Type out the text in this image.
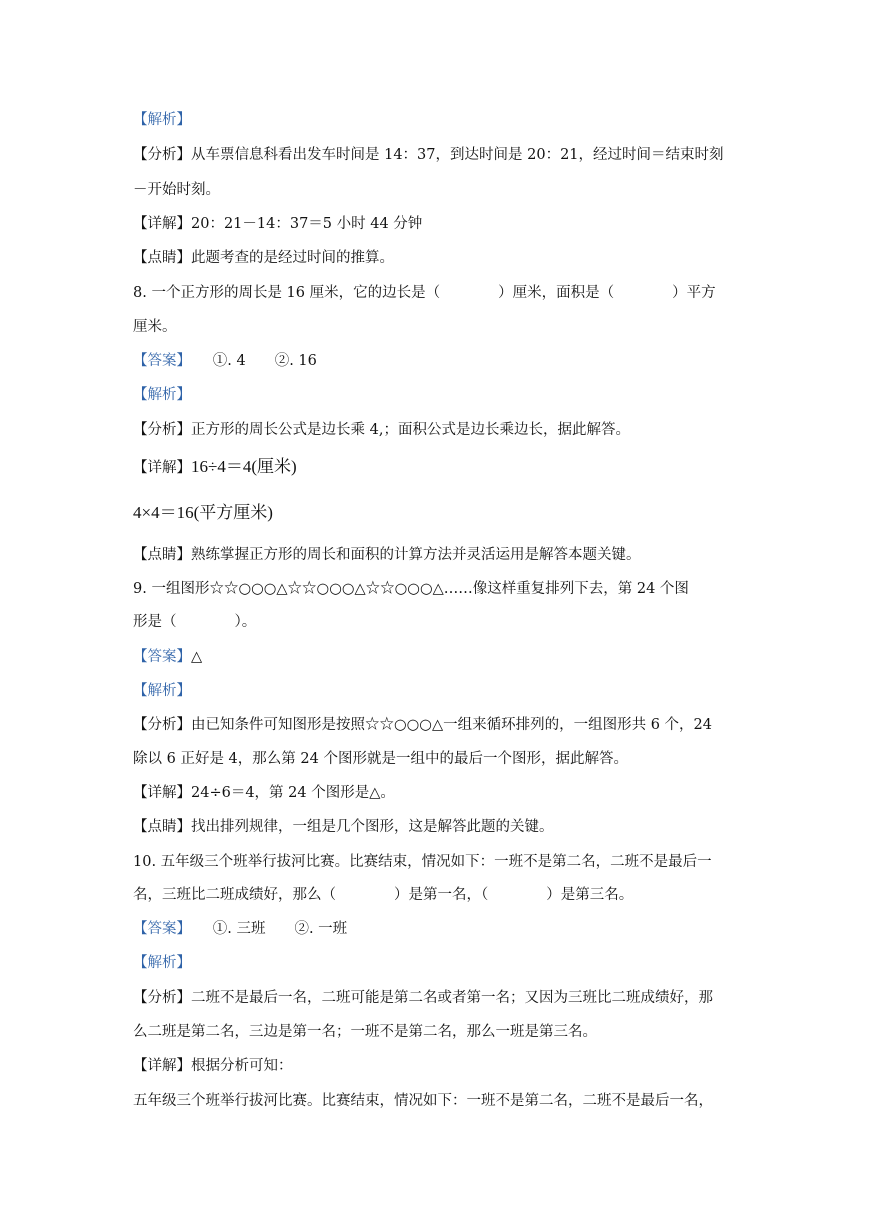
【解析】
【分析】从车票信息科看出发车时间是 14：37，到达时间是 20：21，经过时间＝结束时刻
－开始时刻。
【详解】20：21－14：37＝5 小时 44 分钟
【点睛】此题考查的是经过时间的推算。
8. 一个正方形的周长是 16 厘米，它的边长是（　　　　）厘米，面积是（　　　　）平方
厘米。
【答案】　　①. 4　　②. 16
【解析】
【分析】正方形的周长公式是边长乘 4,；面积公式是边长乘边长，据此解答。
【详解】16÷4＝4(厘米)
4×4＝16(平方厘米)
【点睛】熟练掌握正方形的周长和面积的计算方法并灵活运用是解答本题关键。
9. 一组图形☆☆○○○△☆☆○○○△☆☆○○○△……像这样重复排列下去，第 24 个图
形是（　　　　）。
【答案】△
【解析】
【分析】由已知条件可知图形是按照☆☆○○○△一组来循环排列的，一组图形共 6 个，24
除以 6 正好是 4，那么第 24 个图形就是一组中的最后一个图形，据此解答。
【详解】24÷6＝4，第 24 个图形是△。
【点睛】找出排列规律，一组是几个图形，这是解答此题的关键。
10. 五年级三个班举行拔河比赛。比赛结束，情况如下：一班不是第二名，二班不是最后一
名，三班比二班成绩好，那么（　　　　）是第一名，（　　　　）是第三名。
【答案】　　①. 三班　　②. 一班
【解析】
【分析】二班不是最后一名，二班可能是第二名或者第一名；又因为三班比二班成绩好，那
么二班是第二名，三边是第一名；一班不是第二名，那么一班是第三名。
【详解】根据分析可知：
五年级三个班举行拔河比赛。比赛结束，情况如下：一班不是第二名，二班不是最后一名，
